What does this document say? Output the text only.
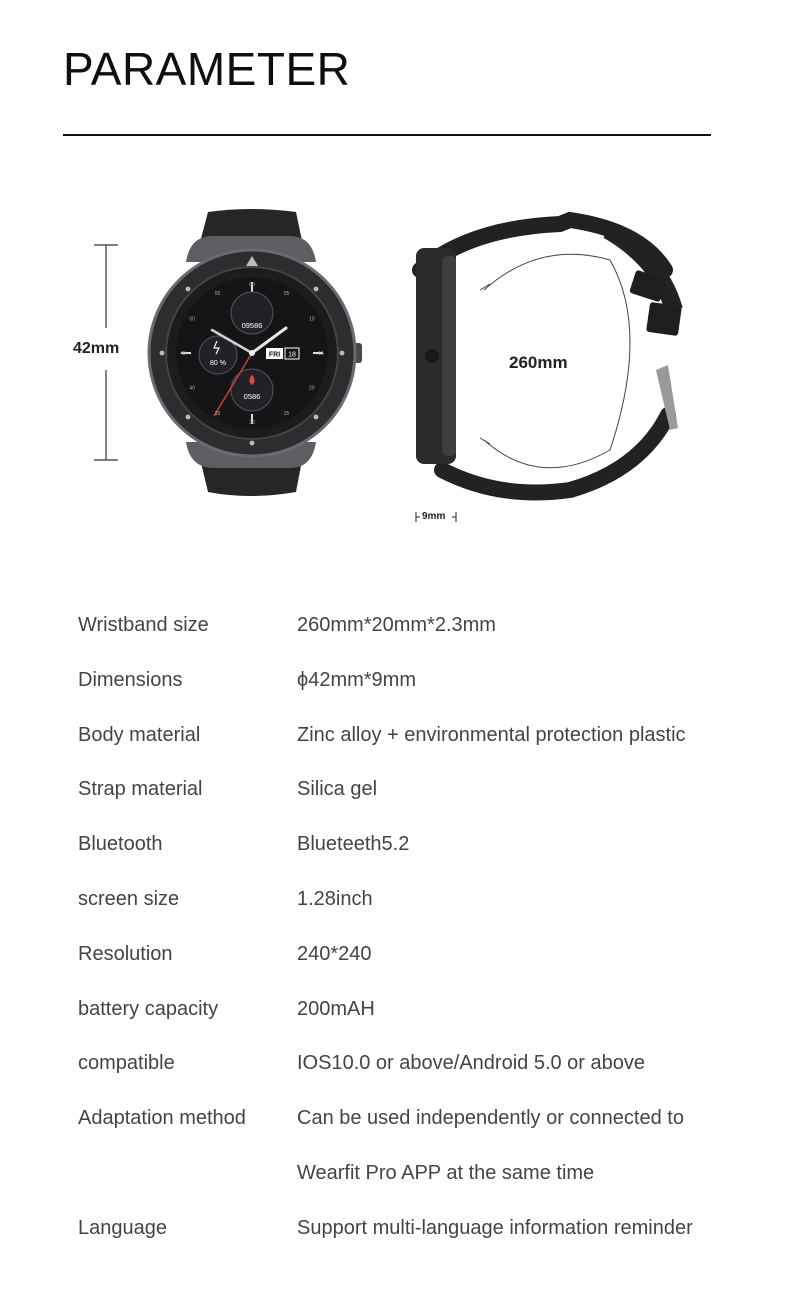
PARAMETER
09586
80 %
FRI 18
0586
60
05
10
15
20
25
30
35
40
45
50
55
42mm
260mm
9mm
Wristband size	260mm*20mm*2.3mm
Dimensions	ϕ42mm*9mm
Body material	Zinc alloy + environmental protection plastic
Strap material	Silica gel
Bluetooth	Blueteeth5.2
screen size	1.28inch
Resolution	240*240
battery capacity	200mAH
compatible	IOS10.0 or above/Android 5.0 or above
Adaptation method	Can be used independently or connected to
Wearfit Pro APP at the same time
Language	Support multi-language information reminder
